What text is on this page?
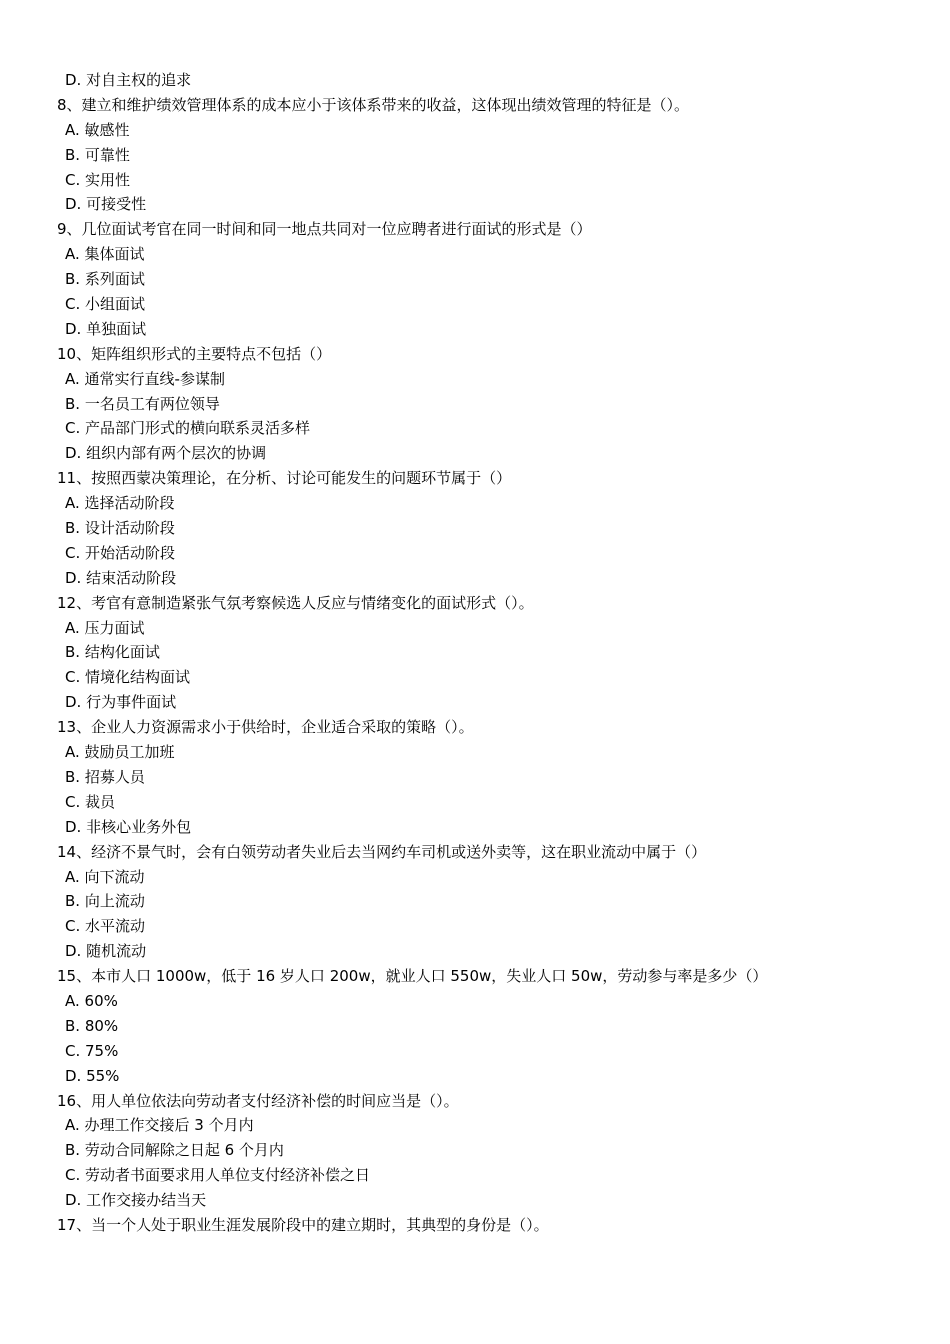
D. 对自主权的追求
8、建立和维护绩效管理体系的成本应小于该体系带来的收益，这体现出绩效管理的特征是（）。
A. 敏感性
B. 可靠性
C. 实用性
D. 可接受性
9、几位面试考官在同一时间和同一地点共同对一位应聘者进行面试的形式是（）
A. 集体面试
B. 系列面试
C. 小组面试
D. 单独面试
10、矩阵组织形式的主要特点不包括（）
A. 通常实行直线-参谋制
B. 一名员工有两位领导
C. 产品部门形式的横向联系灵活多样
D. 组织内部有两个层次的协调
11、按照西蒙决策理论，在分析、讨论可能发生的问题环节属于（）
A. 选择活动阶段
B. 设计活动阶段
C. 开始活动阶段
D. 结束活动阶段
12、考官有意制造紧张气氛考察候选人反应与情绪变化的面试形式（）。
A. 压力面试
B. 结构化面试
C. 情境化结构面试
D. 行为事件面试
13、企业人力资源需求小于供给时，企业适合采取的策略（）。
A. 鼓励员工加班
B. 招募人员
C. 裁员
D. 非核心业务外包
14、经济不景气时，会有白领劳动者失业后去当网约车司机或送外卖等，这在职业流动中属于（）
A. 向下流动
B. 向上流动
C. 水平流动
D. 随机流动
15、本市人口 1000w，低于 16 岁人口 200w，就业人口 550w，失业人口 50w，劳动参与率是多少（）
A. 60%
B. 80%
C. 75%
D. 55%
16、用人单位依法向劳动者支付经济补偿的时间应当是（）。
A. 办理工作交接后 3 个月内
B. 劳动合同解除之日起 6 个月内
C. 劳动者书面要求用人单位支付经济补偿之日
D. 工作交接办结当天
17、当一个人处于职业生涯发展阶段中的建立期时，其典型的身份是（）。
